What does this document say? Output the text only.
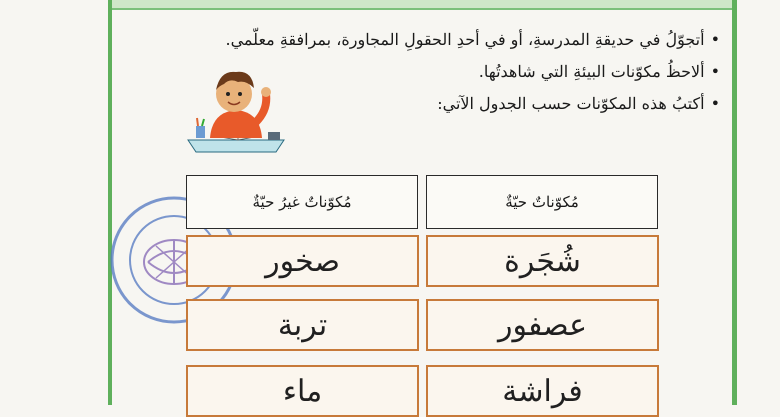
•أتجوّلُ في حديقةِ المدرسةِ، أو في أحدِ الحقولِ المجاورة، بمرافقةِ معلّمي.
•ألاحظُ مكوّنات البيئةِ التي شاهدتُها.
•أكتبُ هذه المكوّنات حسب الجدول الآتي:
مُكوّناتٌ حيّةٌ
مُكوّناتٌ غيرُ حيّةٌ
شُجَرة
صخور
عصفور
تربة
فراشة
ماء
